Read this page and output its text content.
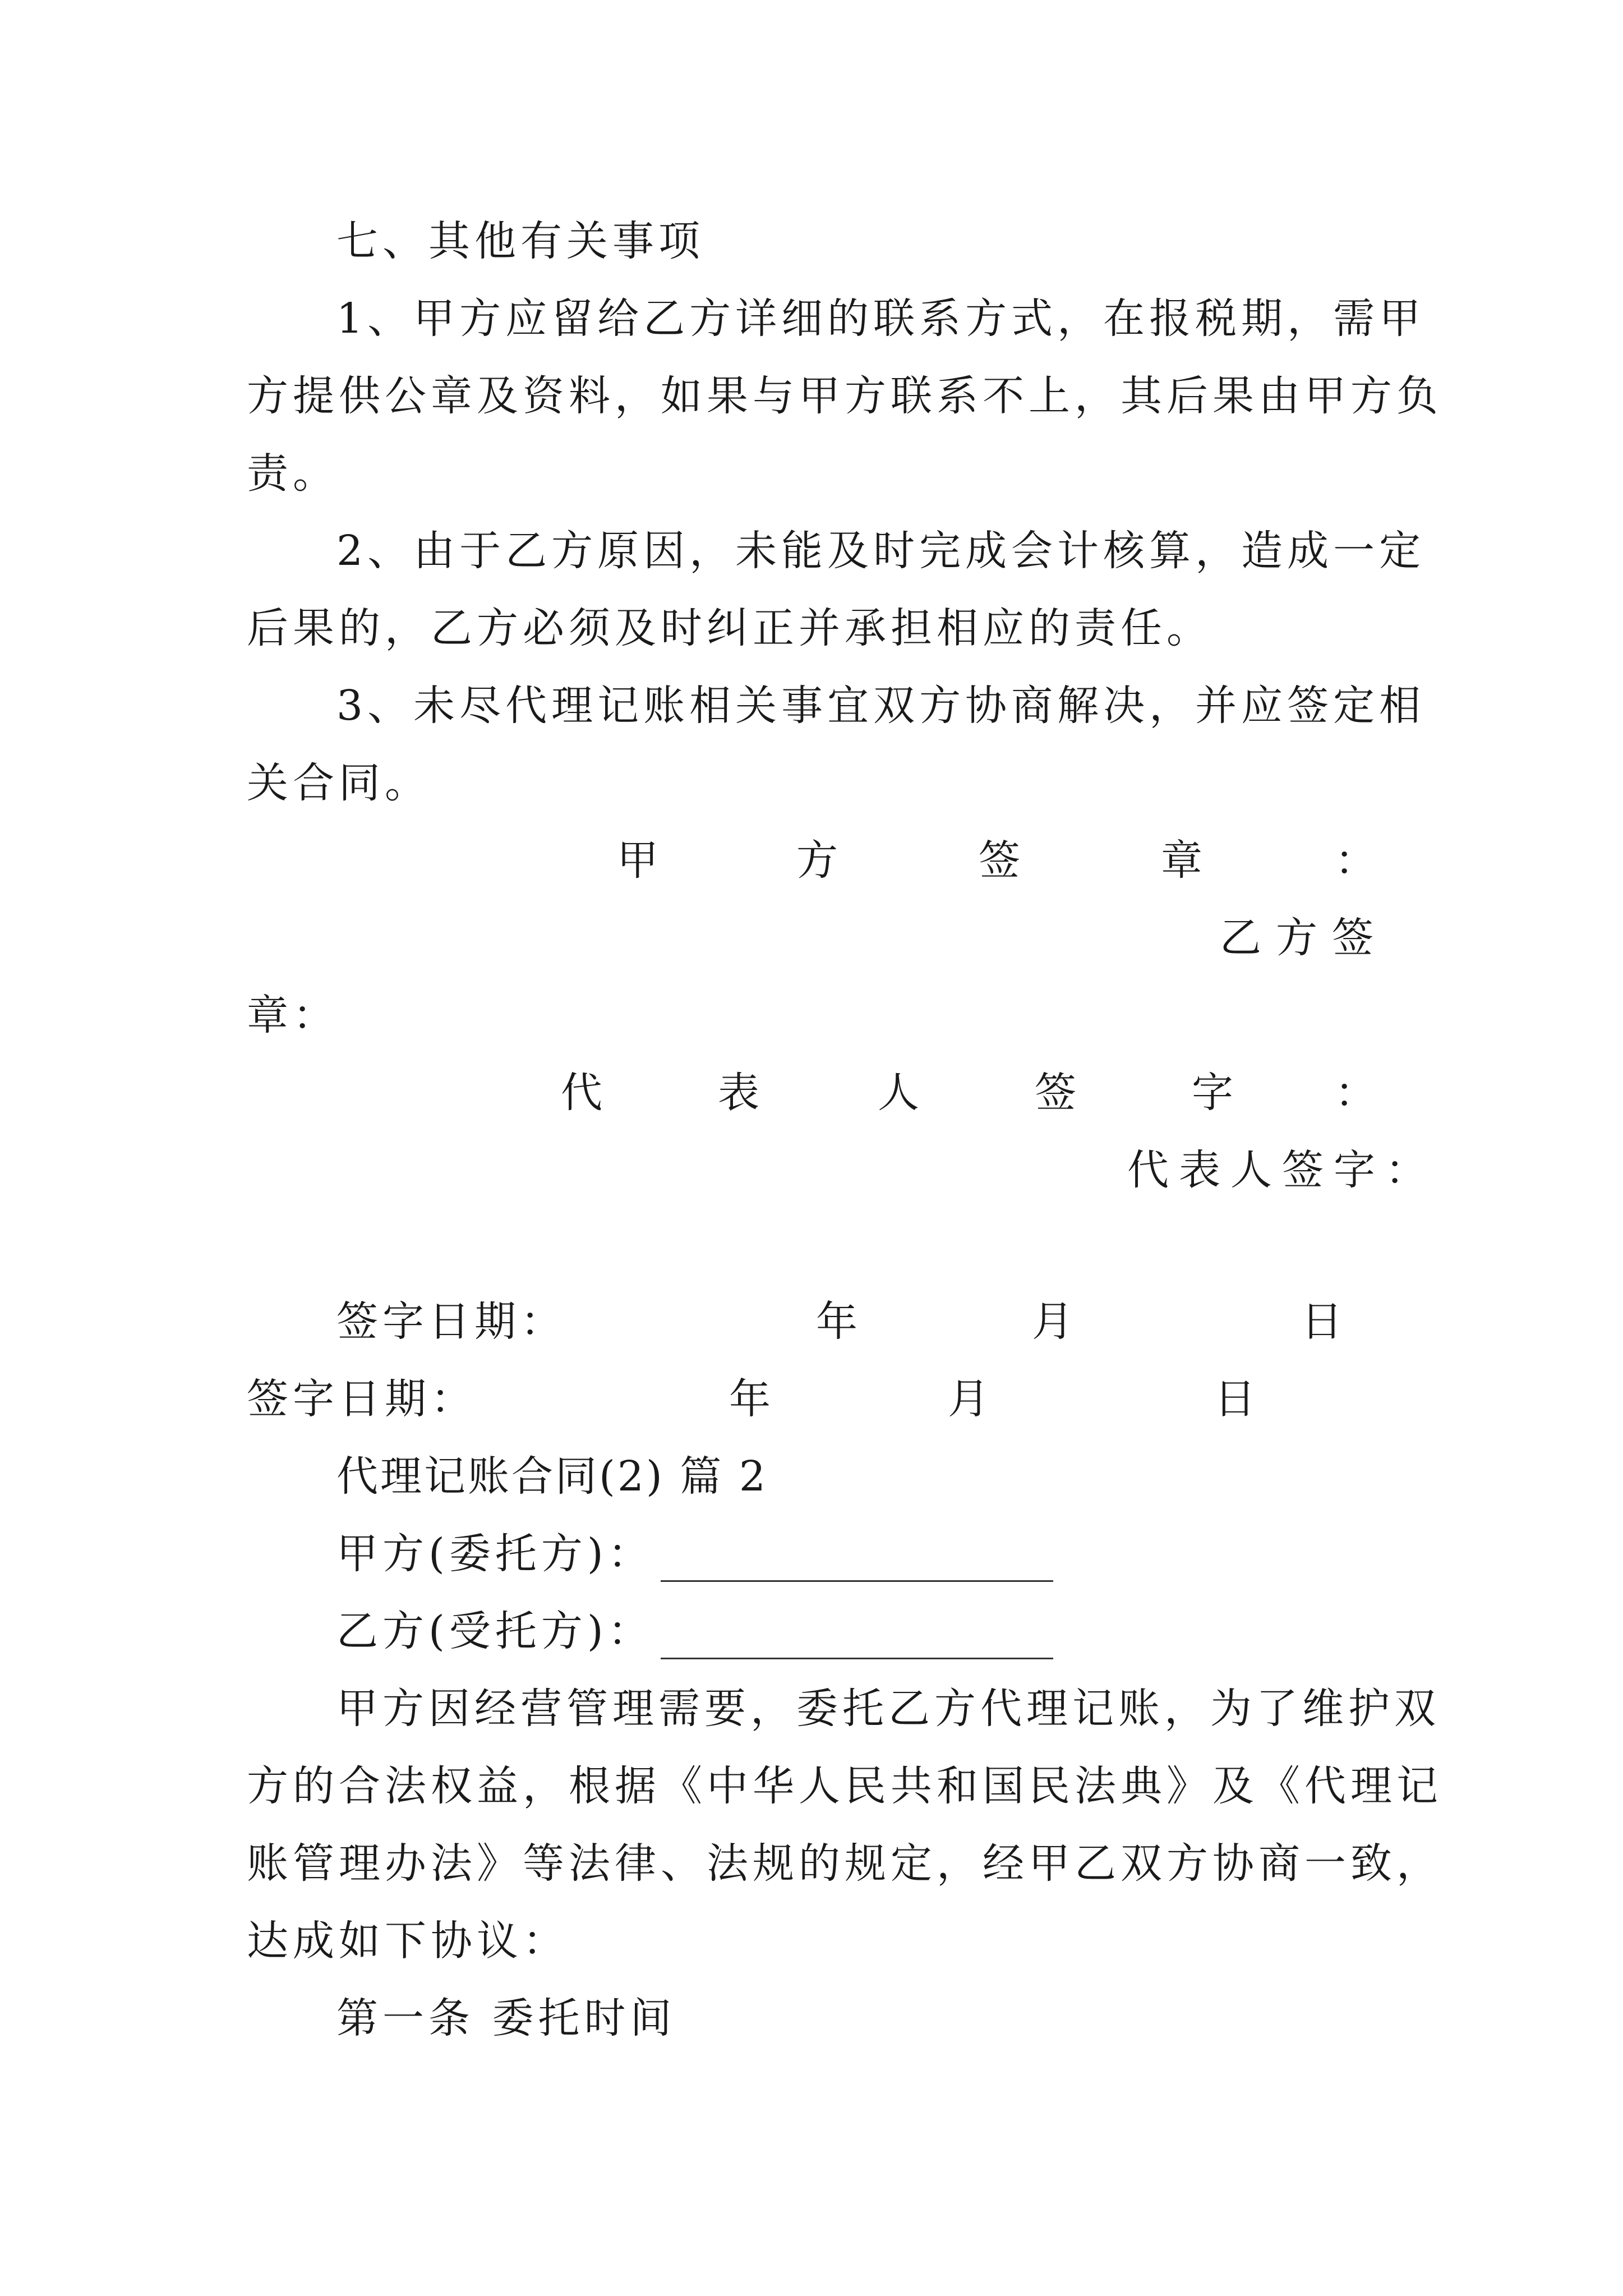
七、其他有关事项
1、甲方应留给乙方详细的联系方式，在报税期，需甲
方提供公章及资料，如果与甲方联系不上，其后果由甲方负
责。
2、由于乙方原因，未能及时完成会计核算，造成一定
后果的，乙方必须及时纠正并承担相应的责任。
3、未尽代理记账相关事宜双方协商解决，并应签定相
关合同。
甲	方	签	章	：
乙 方 签
章：
代	表	人	签	字 ：
代表人签字：
签字日期：	年	月	日
签字日期：	年	月	日
代理记账合同(2) 篇 2
甲方(委托方)：
乙方(受托方)：
甲方因经营管理需要，委托乙方代理记账，为了维护双
方的合法权益，根据《中华人民共和国民法典》及《代理记
账管理办法》等法律、法规的规定，经甲乙双方协商一致，
达成如下协议：
第一条 委托时间
